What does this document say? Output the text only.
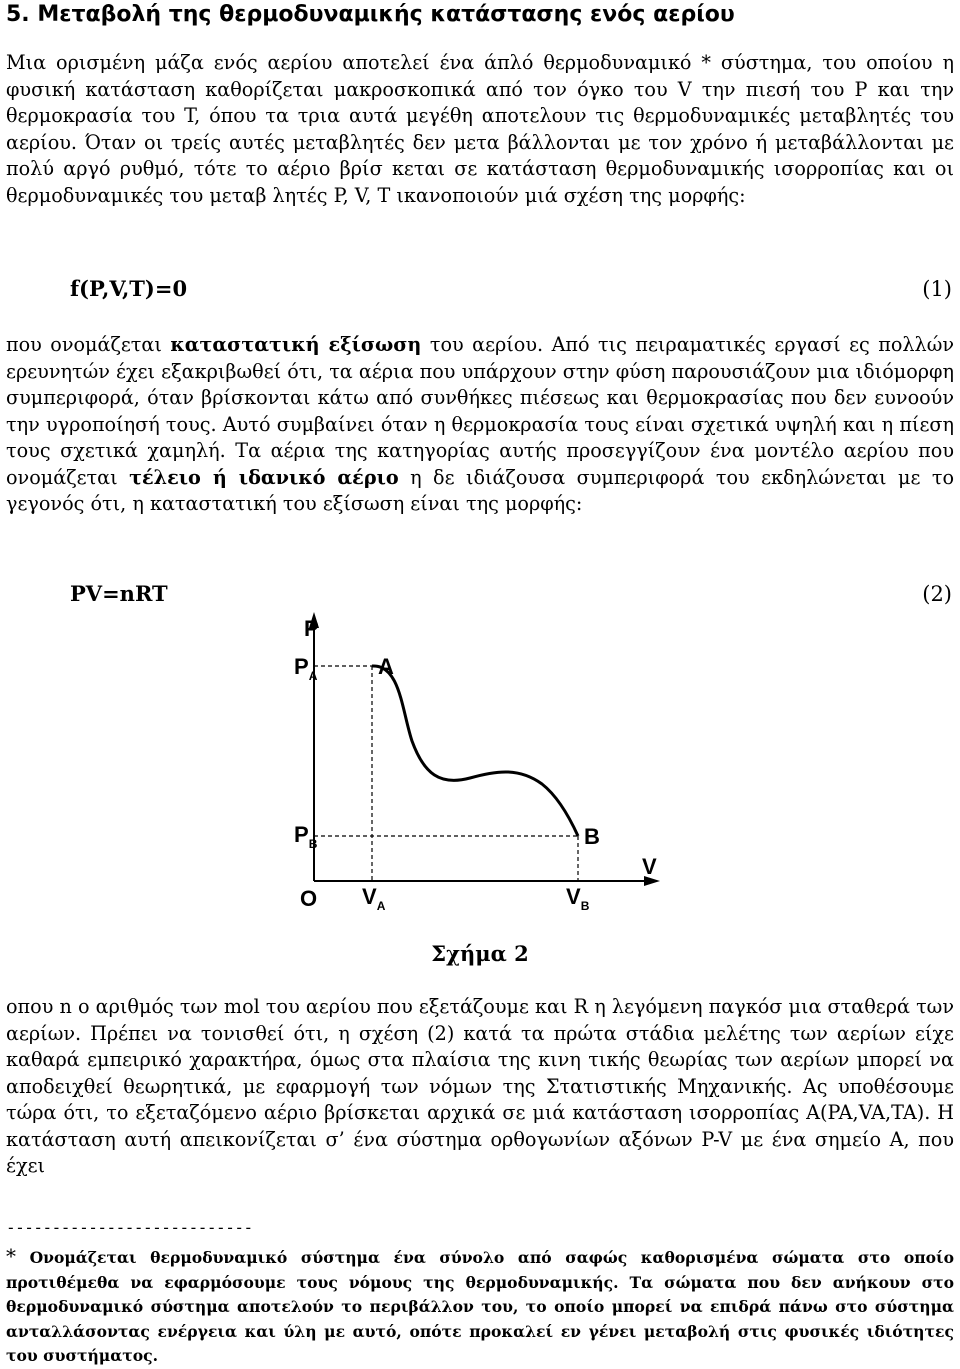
5. Μεταβολή της θερμοδυναμικής κατάστασης ενός αερίου

Μια ορισμένη μάζα ενός αερίου αποτελεί ένα άπλό θερμοδυναμικό * σύστημα, του οποίου η φυσική κατάσταση καθορίζεται μακροσκοπικά από τον όγκο του V την πιεσή του P και την θερμοκρασία του T, όπου τα τρια αυτά μεγέθη αποτελουν τις θερμοδυναμικές μεταβλητές του αερίου. Όταν οι τρείς αυτές μεταβλητές δεν μετα βάλλονται με τον χρόνο ή μεταβάλλονται με πολύ αργό ρυθμό, τότε το αέριο βρίσ κεται σε κατάσταση θερμοδυναμικής ισορροπίας και οι θερμοδυναμικές του μεταβ λητές P, V, T ικανοποιούν μιά σχέση της μορφής:

f(P,V,T)=0	(1)

που ονομάζεται καταστατική εξίσωση του αερίου. Από τις πειραματικές εργασί ες πολλών ερευνητών έχει εξακριβωθεί ότι, τα αέρια που υπάρχουν στην φύση παρουσιάζουν μια ιδιόμορφη συμπεριφορά, όταν βρίσκονται κάτω από συνθήκες πιέσεως και θερμοκρασίας που δεν ευνοούν την υγροποίησή τους. Αυτό συμβαίνει όταν η θερμοκρασία τους είναι σχετικά υψηλή και η πίεση τους σχετικά χαμηλή. Τα αέρια της κατηγορίας αυτής προσεγγίζουν ένα μοντέλο αερίου που ονομάζεται τέλειο ή ιδανικό αέριο η δε ιδιάζουσα συμπεριφορά του εκδηλώνεται με το γεγονός ότι, η καταστατική του εξίσωση είναι της μορφής:

PV=nRT	(2)
P
V
O
A
B
$P_A$
$P_B$
$V_A$	$V_B$
Σχήμα 2

οπου n ο αριθμός των mol του αερίου που εξετάζουμε και R η λεγόμενη παγκόσ μια σταθερά των αερίων. Πρέπει να τονισθεί ότι, η σχέση (2) κατά τα πρώτα στάδια μελέτης των αερίων είχε καθαρά εμπειρικό χαρακτήρα, όμως στα πλαίσια της κινη τικής θεωρίας των αερίων μπορεί να αποδειχθεί θεωρητικά, με εφαρμογή των νόμων της Στατιστικής Μηχανικής. Ας υποθέσουμε τώρα ότι, το εξεταζόμενο αέριο βρίσκεται αρχικά σε μιά κατάσταση ισορροπίας A(PA,VA,TA). Η κατάσταση αυτή απεικονίζεται σ’ ένα σύστημα ορθογωνίων αξόνων P-V με ένα σημείο A, που έχει

---------------------------

* Ονομάζεται θερμοδυναμικό σύστημα ένα σύνολο από σαφώς καθορισμένα σώματα στο οποίο προτιθέμεθα να εφαρμόσουμε τους νόμους της θερμοδυναμικής. Τα σώματα που δεν ανήκουν στο θερμοδυναμικό σύστημα αποτελούν το περιβάλλον του, το οποίο μπορεί να επιδρά πάνω στο σύστημα ανταλλάσοντας ενέργεια και ύλη με αυτό, οπότε προκαλεί εν γένει μεταβολή στις φυσικές ιδιότητες του συστήματος.
